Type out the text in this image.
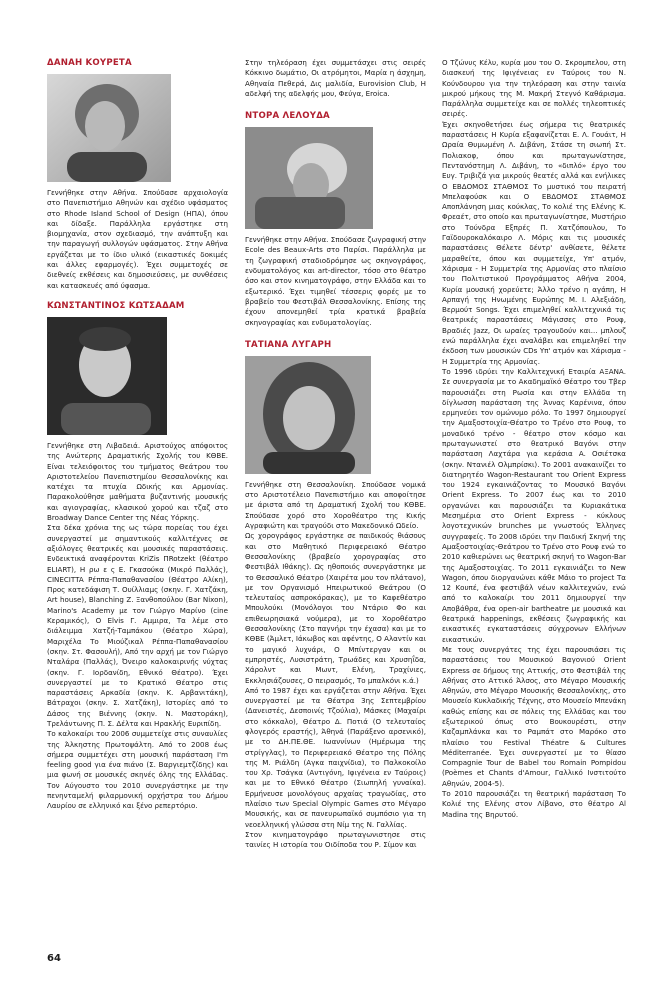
ΔΑΝΑΗ ΚΟΥΡΕΤΑ

Γεννήθηκε στην Αθήνα. Σπούδασε αρχαιολογία στο Πανεπιστήμιο Αθηνών και σχέδιο υφάσματος στο Rhode Island School of Design (ΗΠΑ), όπου και δίδαξε. Παράλληλα εργάστηκε στη βιομηχανία, στον σχεδιασμό, την ανάπτυξη και την παραγωγή συλλογών υφάσματος. Στην Αθήνα εργάζεται με το ίδιο υλικό (εικαστικές δοκιμές και άλλες εφαρμογές). Έχει συμμετοχές σε διεθνείς εκθέσεις και δημοσιεύσεις, με συνθέσεις και κατασκευές από ύφασμα.

ΚΩΝΣΤΑΝΤΙΝΟΣ ΚΩΤΣΑΔΑΜ

Γεννήθηκε στη Λιβαδειά. Αριστούχος απόφοιτος της Ανώτερης Δραματικής Σχολής του ΚΘΒΕ. Είναι τελειόφοιτος του τμήματος Θεάτρου του Αριστοτελείου Πανεπιστημίου Θεσσαλονίκης και κατέχει τα πτυχία Ωδικής και Αρμονίας. Παρακολούθησε μαθήματα βυζαντινής μουσικής και αγιογραφίας, κλασικού χορού και τζαζ στο Broadway Dance Center της Νέας Υόρκης.

Στα δέκα χρόνια της ως τώρα πορείας του έχει συνεργαστεί με σημαντικούς καλλιτέχνες σε αξιόλογες θεατρικές και μουσικές παραστάσεις. Ενδεικτικά αναφέρονται KriZis ΠRotzekt (θέατρο ELIART), Η ρω ε ς Ε. Γκασούκα (Μικρό Παλλάς), CINECITTA Ρέππα-Παπαθανασίου (Θέατρο Αλίκη), Προς κατεδάφιση Τ. Ουίλλιαμς (σκην. Γ. Χατζάκη, Art house), Blanching Ζ. Ξανθοπούλου (Bar Nixon), Marino's Academy με τον Γιώργο Μαρίνο (cine Κεραμικός), Ο Elvis Γ. Αμμιρα, Τα λέμε στο διάλειμμα Χατζή-Ταμπάκου (Θέατρο Χώρα), Μαριχέλα Το Μιούζικαλ Ρέππα-Παπαθανασίου (σκην. Στ. Φασουλή), Από την αρχή με τον Γιώργο Νταλάρα (Παλλάς), Όνειρο καλοκαιρινής νύχτας (σκην. Γ. Ιορδανίδη, Εθνικό Θέατρο). Έχει συνεργαστεί με το Κρατικό Θέατρο στις παραστάσεις Αρκαδία (σκην. Κ. Αρβανιτάκη), Βάτραχοι (σκην. Σ. Χατζάκη), Ιστορίες από το Δάσος της Βιέννης (σκην. Ν. Μαστοράκη), Τρελάντωνης Π. Σ. Δέλτα και Ηρακλής Ευριπίδη.

Το καλοκαίρι του 2006 συμμετείχε στις συναυλίες της Άλκηστης Πρωτοψάλτη. Από το 2008 έως σήμερα συμμετέχει στη μουσική παράσταση I'm feeling good για ένα πιάνο (Σ. Βαργιεμτζίδης) και μια φωνή σε μουσικές σκηνές όλης της Ελλάδας. Τον Αύγουστο του 2010 συνεργάστηκε με την πενηνταμελή φιλαρμονική ορχήστρα του Δήμου Λαυρίου σε ελληνικό και ξένο ρεπερτόριο.

Στην τηλεόραση έχει συμμετάσχει στις σειρές Κόκκινο δωμάτιο, Οι ατρόμητοι, Μαρία η άσχημη, Αθηναία Πεθερά, Δις μαλιδία, Eurovision Club, Η αδελφή της αδελφής μου, Φεύγα, Eroica.

ΝΤΟΡΑ ΛΕΛΟΥΔΑ

Γεννήθηκε στην Αθήνα. Σπούδασε ζωγραφική στην Ecole des Beaux-Arts στο Παρίσι. Παράλληλα με τη ζωγραφική σταδιοδρόμησε ως σκηνογράφος, ενδυματολόγος και art-director, τόσο στο θέατρο όσο και στον κινηματογράφο, στην Ελλάδα και το εξωτερικό. Έχει τιμηθεί τέσσερις φορές με το βραβείο του Φεστιβάλ Θεσσαλονίκης. Επίσης της έχουν απονεμηθεί τρία κρατικά βραβεία σκηνογραφίας και ενδυματολογίας.

ΤΑΤΙΑΝΑ ΛΥΓΑΡΗ

Γεννήθηκε στη Θεσσαλονίκη. Σπούδασε νομικά στο Αριστοτέλειο Πανεπιστήμιο και αποφοίτησε με άριστα από τη Δραματική Σχολή του ΚΘΒΕ. Σπούδασε χορό στο Χοροθέατρο της Κικής Αγραφιώτη και τραγούδι στο Μακεδονικό Ωδείο.

Ως χορογράφος εργάστηκε σε παιδικούς θιάσους και στο Μαθητικό Περιφερειακό Θέατρο Θεσσαλονίκης (βραβείο χορογραφίας στο Φεστιβάλ Ιθάκης). Ως ηθοποιός συνεργάστηκε με το Θεσσαλικό Θέατρο (Χαιρέτα μου τον πλάτανο), με τον Οργανισμό Ηπειρωτικού Θεάτρου (Ο τελευταίος ασπροκόρακας), με το Καφεθέατρο Μπουλούκι (Μονόλογοι του Ντάριο Φο και επιθεωρησιακά νούμερα), με το Χοροθέατρο Θεσσαλονίκης (Στο παγνήρι την έχασα) και με το ΚΘΒΕ (Άμλετ, Ιάκωβος και αφέντης, Ο Αλαντίν και το μαγικό λυχνάρι, Ο Μπίντεργαν και οι εμπρηστές, Λυσιστράτη, Τρωάδες και Χρυσηΐδα, Χάρολντ και Μωντ, Ελένη, Τραχίνιες, Εκκλησιάζουσες, Ο πειρασμός, Το μπαλκόνι κ.ά.)

Από το 1987 έχει και εργάζεται στην Αθήνα. Έχει συνεργαστεί με τα Θέατρα 3ης Σεπτεμβρίου (Δανειστές, Δεσποινίς Τζούλια), Μάσκες (Μαχαίρι στο κόκκαλο), Θέατρο Δ. Ποτιά (Ο τελευταίος φλογερός εραστής), Άθηνά (Παράξενο αρσενικό), με το ΔΗ.ΠΕ.ΘΕ. Ιωαννίνων (Ημέρωμα της στρίγγλας), το Περιφερειακό Θέατρο της Πόλης της Μ. Ριάλδη (Αγκα παιχνίδια), το Παλκοκοίλο του Χρ. Τσάγκα (Αντιγόνη, Ιφιγένεια εν Ταύροις) και με το Εθνικό Θέατρο (Σιωπηλή γυναίκα). Ερμήνευσε μονολόγους αρχαίας τραγωδίας, στο πλαίσιο των Special Olympic Games στο Μέγαρο Μουσικής, και σε πανευρωπαϊκό συμπόσιο για τη νεοελληνική γλώσσα στη Νίμ της Ν. Γαλλίας.

Στον κινηματογράφο πρωταγωνιστησε στις ταινίες Η ιστορία του Οιδίποδα του Ρ. Σίμον και

Ο Τζώνυς Κέλυ, κυρία μου του Ο. Σκρομπελου, στη διασκευή της Ιφιγένειας εν Ταύροις του Ν. Κούνδουρου για την τηλεόραση και στην ταινία μικρού μήκους της Μ. Μακρή Στεγνό Καθάρισμα. Παράλληλα συμμετείχε και σε πολλές τηλεοπτικές σειρές.

Έχει σκηνοθετήσει έως σήμερα τις θεατρικές παραστάσεις Η Κυρία εξαφανίζεται Ε. Λ. Γουάιτ, Η Ωραία Θυμωμένη Λ. Διβάνη, Στάσε τη σιωπή Στ. Πολιακοφ, όπου και πρωταγωνίστησε, Πεντανόστημη Λ. Διβάνη, το «διπλό» έργο του Ευγ. Τριβιζά για μικρούς θεατές αλλά και ενήλικες Ο ΕΒΔΟΜΟΣ ΣΤΑΘΜΟΣ Το μυστικό του πειρατή Μπελαφούσκ και Ο ΕΒΔΟΜΟΣ ΣΤΑΘΜΟΣ Αποπλάνηση μιας κούκλας, Το κολιέ της Ελένης Κ. Φρεαέτ, στο οποίο και πρωταγωνίστησε, Μυστήριο στο Τούνδρα Εξπρές Π. Χατζόπουλου, Το Γαϊδουροκαλόκαιρο Λ. Μόρις και τις μουσικές παραστάσεις Θέλετε δέντρ' ανθίσετε, θέλετε μαραθείτε, όπου και συμμετείχε, Υπ' ατμόν, Χάρισμα - Η Συμμετρία της Αρμονίας στο πλαίσιο του Πολιτιστικού Προγράμματος Αθήνα 2004, Κυρία μουσική χορεύετε; Άλλο τρένο η αγάπη, Η Αρπαγή της Ηνωμένης Ευρώπης Μ. Ι. Αλεξιάδη, Βερμούτ Songs. Έχει επιμεληθεί καλλιτεχνικά τις θεατρικές παραστάσεις Μάγισσες στο Ρουφ, Βραδιές Jazz, Οι ωραίες τραγουδούν και... μπλουζ ενώ παράλληλα έχει αναλάβει και επιμεληθεί την έκδοση των μουσικών CDs Υπ' ατμόν και Χάρισμα - Η Συμμετρία της Αρμονίας.

Το 1996 ιδρύει την Καλλιτεχνική Εταιρία ΑΞΑΝΑ. Σε συνεργασία με το Ακαδημαϊκό Θέατρο του Τβερ παρουσιάζει στη Ρωσία και στην Ελλάδα τη δίγλωσση παράσταση της Άννας Καρένινα, όπου ερμηνεύει τον ομώνυμο ρόλο. Το 1997 δημιουργεί την Αμαξοστοιχία-Θέατρο το Τρένο στο Ρουφ, το μοναδικό τρένο - θέατρο στον κόσμο και πρωταγωνιστεί στο θεατρικό Βαγόνι στην παράσταση Λαχτάρα για κεράσια Α. Οσιέτσκα (σκην. Ντανιέλ Ολμπρίσκι). Το 2001 ανακαινίζει το διατηρητέο Wagon-Restaurant του Orient Express του 1924 εγκαινιάζοντας το Μουσικό Βαγόνι Orient Express. Το 2007 έως και το 2010 οργανώνει και παρουσιάζει τα Κυριακάτικα Μεσημέρια στο Orient Express - κύκλους λογοτεχνικών brunches με γνωστούς Έλληνες συγγραφείς. Το 2008 ιδρύει την Παιδική Σκηνή της Αμαξοστοιχίας-Θεάτρου το Τρένο στο Ρουφ ενώ το 2010 καθιερώνει ως θεατρική σκηνή το Wagon-Bar της Αμαξοστοιχίας. Το 2011 εγκαινιάζει το New Wagon, όπου διοργανώνει κάθε Μάιο το project Τα 12 Κουπέ, ένα φεστιβάλ νέων καλλιτεχνών, ενώ από το καλοκαίρι του 2011 δημιουργεί την Αποβάθρα, ένα open-air bartheatre με μουσικά και θεατρικά happenings, εκθέσεις ζωγραφικής και εικαστικές εγκαταστάσεις σύγχρονων Ελλήνων εικαστικών.

Με τους συνεργάτες της έχει παρουσιάσει τις παραστάσεις του Μουσικού Βαγονιού Orient Express σε δήμους της Αττικής, στο Φεστιβάλ της Αθήνας στο Αττικό Άλσος, στο Μέγαρο Μουσικής Αθηνών, στο Μέγαρο Μουσικής Θεσσαλονίκης, στο Μουσείο Κυκλαδικής Τέχνης, στο Μουσείο Μπενάκη καθώς επίσης και σε πόλεις της Ελλάδας και του εξωτερικού όπως στο Βουκουρέστι, στην Καζαμπλάνκα και το Ραμπάτ στο Μαρόκο στο πλαίσιο του Festival Théatre & Cultures Méditerranée. Έχει συνεργαστεί με το θίασο Compagnie Tour de Babel του Romain Pompidou (Poèmes et Chants d'Amour, Γαλλικό Ινστιτούτο Αθηνών, 2004-5).

Το 2010 παρουσιάζει τη θεατρική παράσταση Το Κολιέ της Ελένης στον Λίβανο, στο θέατρο Al Madina της Βηρυτού.

64
